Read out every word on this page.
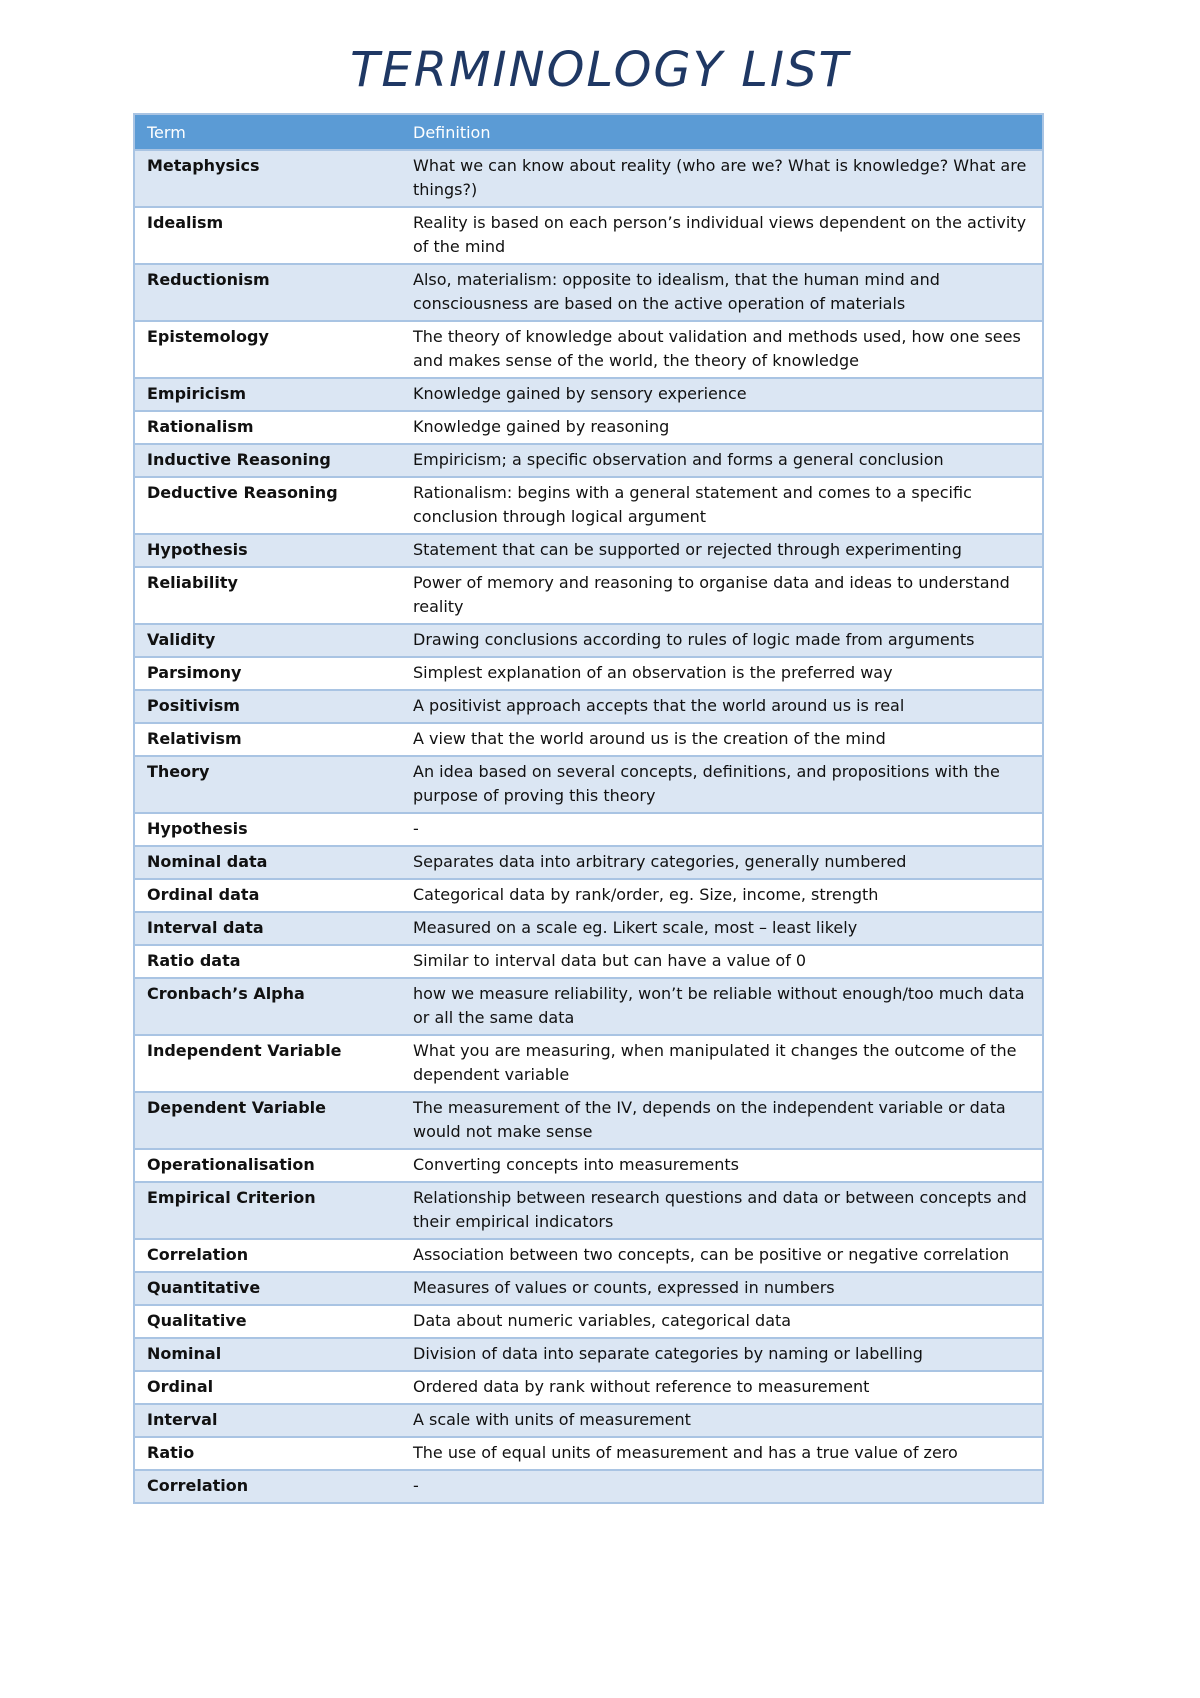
TERMINOLOGY LIST
Term	Definition
Metaphysics	What we can know about reality (who are we? What is knowledge? What are things?)
Idealism	Reality is based on each person’s individual views dependent on the activity of the mind
Reductionism	Also, materialism: opposite to idealism, that the human mind and consciousness are based on the active operation of materials
Epistemology	The theory of knowledge about validation and methods used, how one sees and makes sense of the world, the theory of knowledge
Empiricism	Knowledge gained by sensory experience
Rationalism	Knowledge gained by reasoning
Inductive Reasoning	Empiricism; a specific observation and forms a general conclusion
Deductive Reasoning	Rationalism: begins with a general statement and comes to a specific conclusion through logical argument
Hypothesis	Statement that can be supported or rejected through experimenting
Reliability	Power of memory and reasoning to organise data and ideas to understand reality
Validity	Drawing conclusions according to rules of logic made from arguments
Parsimony	Simplest explanation of an observation is the preferred way
Positivism	A positivist approach accepts that the world around us is real
Relativism	A view that the world around us is the creation of the mind
Theory	An idea based on several concepts, definitions, and propositions with the purpose of proving this theory
Hypothesis	-
Nominal data	Separates data into arbitrary categories, generally numbered
Ordinal data	Categorical data by rank/order, eg. Size, income, strength
Interval data	Measured on a scale eg. Likert scale, most – least likely
Ratio data	Similar to interval data but can have a value of 0
Cronbach’s Alpha	how we measure reliability, won’t be reliable without enough/too much data or all the same data
Independent Variable	What you are measuring, when manipulated it changes the outcome of the dependent variable
Dependent Variable	The measurement of the IV, depends on the independent variable or data would not make sense
Operationalisation	Converting concepts into measurements
Empirical Criterion	Relationship between research questions and data or between concepts and their empirical indicators
Correlation	Association between two concepts, can be positive or negative correlation
Quantitative	Measures of values or counts, expressed in numbers
Qualitative	Data about numeric variables, categorical data
Nominal	Division of data into separate categories by naming or labelling
Ordinal	Ordered data by rank without reference to measurement
Interval	A scale with units of measurement
Ratio	The use of equal units of measurement and has a true value of zero
Correlation	-
